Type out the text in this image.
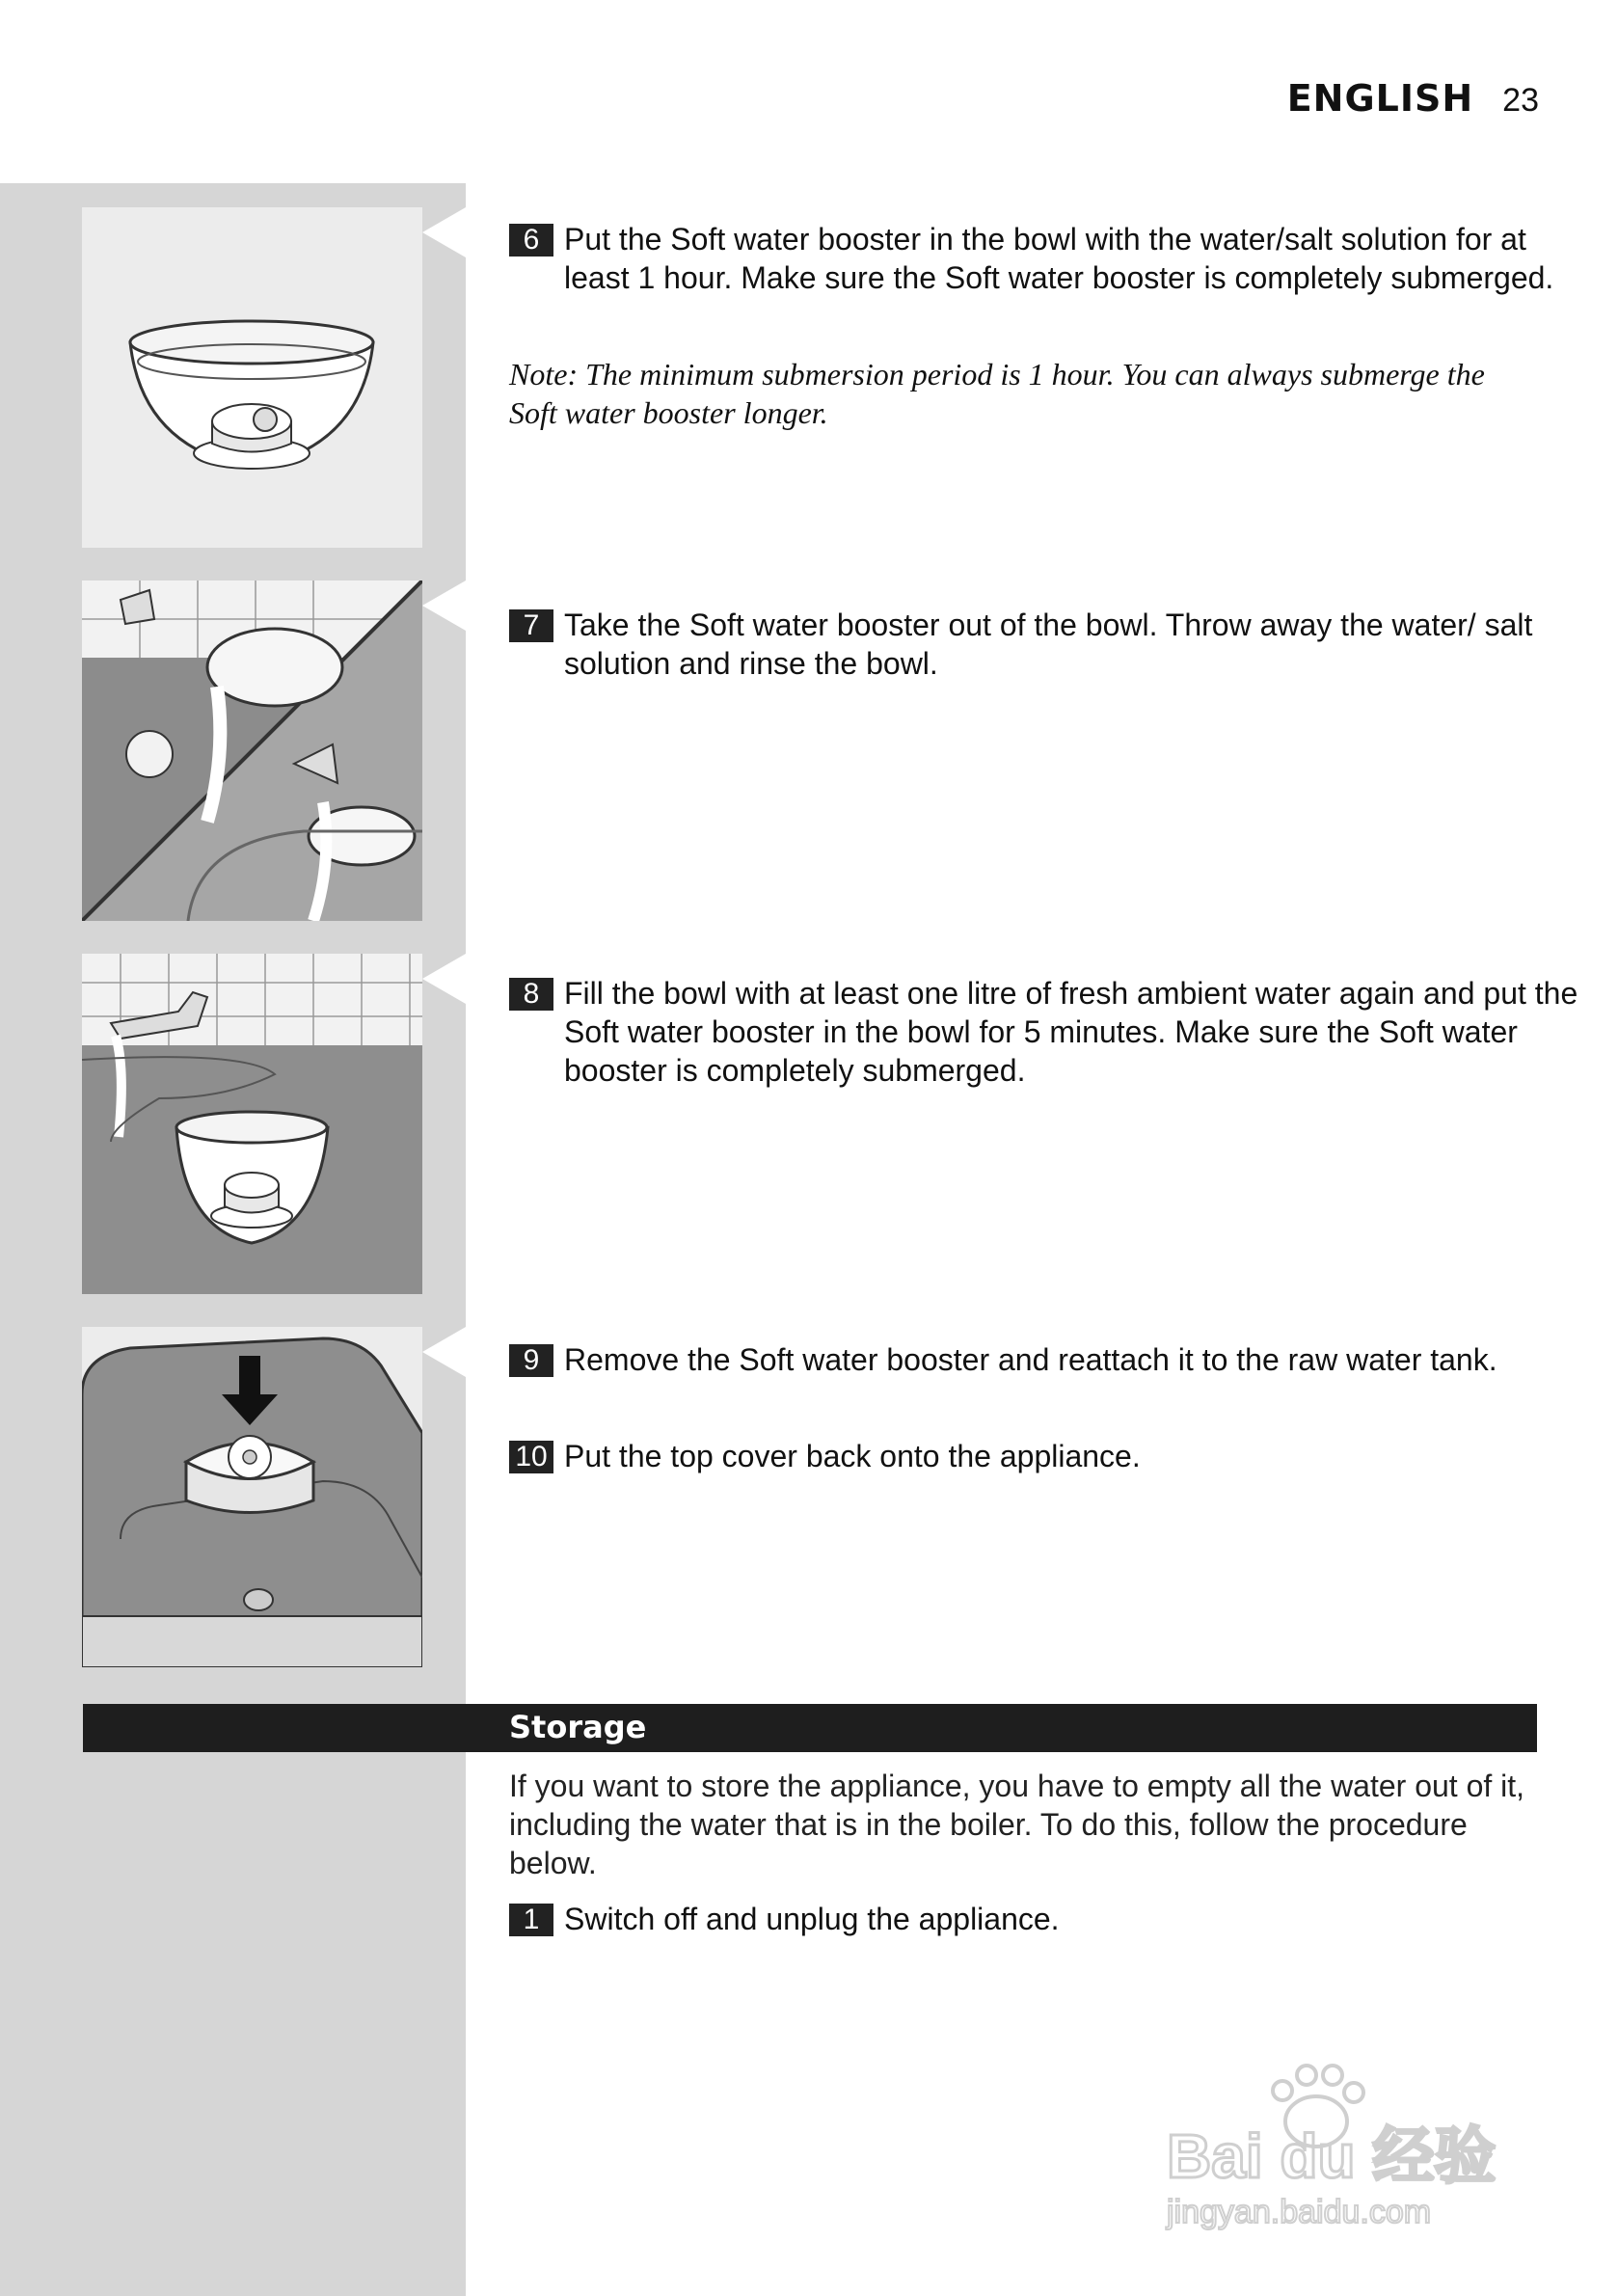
ENGLISH 23
6 Put the Soft water booster in the bowl with the water/salt solution for at least 1 hour. Make sure the Soft water booster is completely submerged.
Note: The minimum submersion period is 1 hour. You can always submerge the Soft water booster longer.
7 Take the Soft water booster out of the bowl. Throw away the water/ salt solution and rinse the bowl.
8 Fill the bowl with at least one litre of fresh ambient water again and put the Soft water booster in the bowl for 5 minutes. Make sure the Soft water booster is completely submerged.
9 Remove the Soft water booster and reattach it to the raw water tank.
10 Put the top cover back onto the appliance.
Storage
If you want to store the appliance, you have to empty all the water out of it, including the water that is in the boiler. To do this, follow the procedure below.
1 Switch off and unplug the appliance.
Bai du 经验
jingyan.baidu.com
